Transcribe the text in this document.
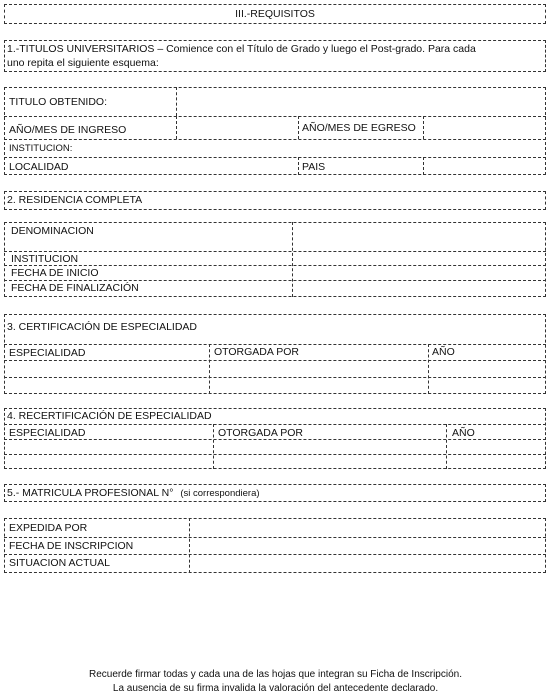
III.-REQUISITOS
1.-TITULOS UNIVERSITARIOS – Comience con el Título de Grado y luego el Post-grado. Para cada
uno repita el siguiente esquema:
TITULO OBTENIDO:
AÑO/MES DE INGRESO	AÑO/MES DE EGRESO
INSTITUCION:
LOCALIDAD	PAIS
2. RESIDENCIA COMPLETA
DENOMINACION
INSTITUCION
FECHA DE INICIO
FECHA DE FINALIZACIÓN
3. CERTIFICACIÓN DE ESPECIALIDAD
ESPECIALIDAD	OTORGADA POR	AÑO
4. RECERTIFICACIÓN DE ESPECIALIDAD
ESPECIALIDAD	OTORGADA POR	AÑO
5.- MATRICULA PROFESIONAL N° (si correspondiera)
EXPEDIDA POR
FECHA DE INSCRIPCION
SITUACION ACTUAL
Recuerde firmar todas y cada una de las hojas que integran su Ficha de Inscripción.
La ausencia de su firma invalida la valoración del antecedente declarado.
